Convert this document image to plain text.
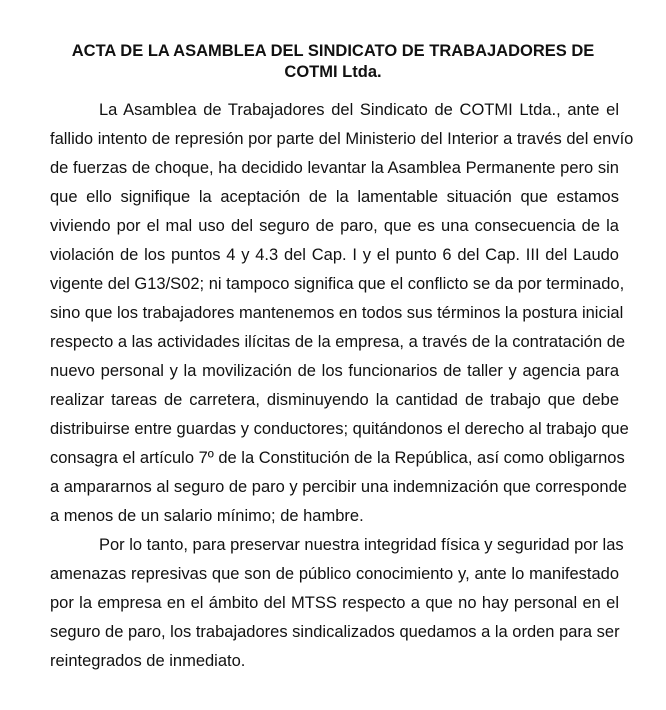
ACTA DE LA ASAMBLEA DEL SINDICATO DE TRABAJADORES DE
COTMI Ltda.

La Asamblea de Trabajadores del Sindicato de COTMI Ltda., ante el

fallido intento de represión por parte del Ministerio del Interior a través del envío

de fuerzas de choque, ha decidido levantar la Asamblea Permanente pero sin

que ello signifique la aceptación de la lamentable situación que estamos

viviendo por el mal uso del seguro de paro, que es una consecuencia de la

violación de los puntos 4 y 4.3 del Cap. I y el punto 6 del Cap. III del Laudo

vigente del G13/S02; ni tampoco significa que el conflicto se da por terminado,

sino que los trabajadores mantenemos en todos sus términos la postura inicial

respecto a las actividades ilícitas de la empresa, a través de la contratación de

nuevo personal y la movilización de los funcionarios de taller y agencia para

realizar tareas de carretera, disminuyendo la cantidad de trabajo que debe

distribuirse entre guardas y conductores; quitándonos el derecho al trabajo que

consagra el artículo 7º de la Constitución de la República, así como obligarnos

a ampararnos al seguro de paro y percibir una indemnización que corresponde

a menos de un salario mínimo; de hambre.

Por lo tanto, para preservar nuestra integridad física y seguridad por las

amenazas represivas que son de público conocimiento y, ante lo manifestado

por la empresa en el ámbito del MTSS respecto a que no hay personal en el

seguro de paro, los trabajadores sindicalizados quedamos a la orden para ser

reintegrados de inmediato.
